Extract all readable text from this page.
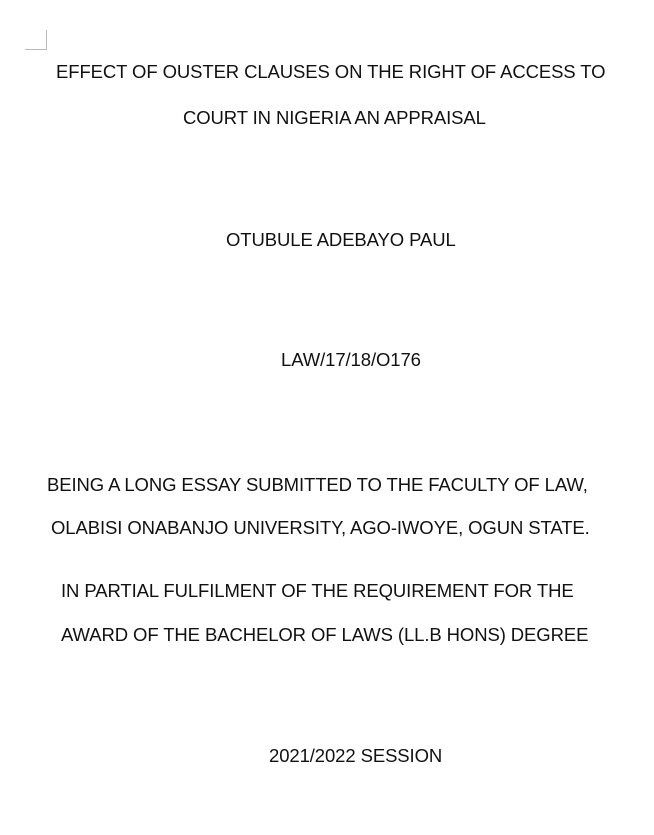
EFFECT OF OUSTER CLAUSES ON THE RIGHT OF ACCESS TO
COURT IN NIGERIA AN APPRAISAL
OTUBULE ADEBAYO PAUL
LAW/17/18/O176
BEING A LONG ESSAY SUBMITTED TO THE FACULTY OF LAW,
OLABISI ONABANJO UNIVERSITY, AGO-IWOYE, OGUN STATE.
IN PARTIAL FULFILMENT OF THE REQUIREMENT FOR THE
AWARD OF THE BACHELOR OF LAWS (LL.B HONS) DEGREE
2021/2022 SESSION
